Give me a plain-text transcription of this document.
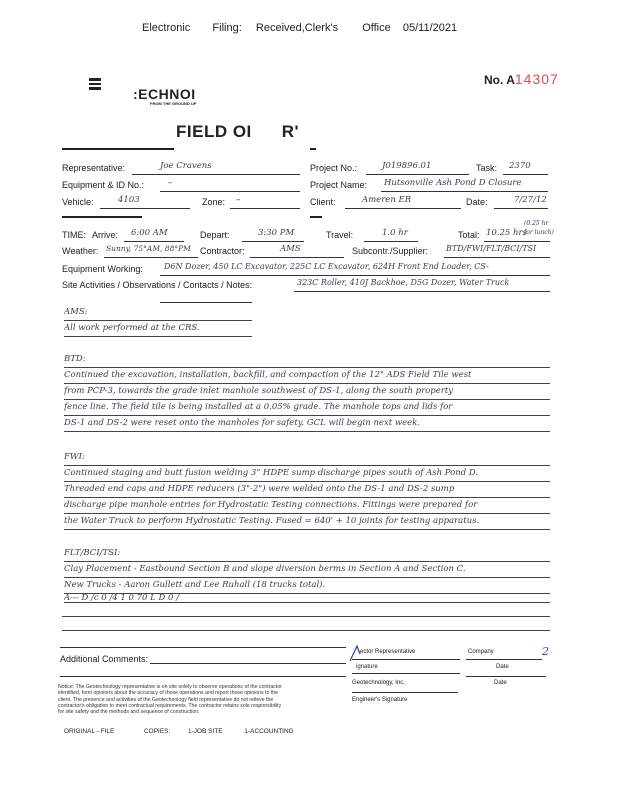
Electronic Filing: Received,Clerk's Office 05/11/2021
:ECHNOI
FROM THE GROUND UP
No. A14307
FIELD OI R'
Representative:	Joe Cravens	Project No.:	J019896.01	Task: 2370
Equipment & ID No.:	–	Project Name: Hutsonville Ash Pond D Closure
Vehicle:	4103	Zone: –	Client:	Ameren ER	Date:	7/27/12
TIME: Arrive: 6:00 AM	Depart:	3:30 PM	Travel:	1.0 hr	Total: 10.25 hrs
(0.25 hr
for lunch)
Weather: Sunny, 75°AM, 88°PM Contractor:	AMS	Subcontr./Supplier: BTD/FWI/FLT/BCI/TSI
Equipment Working:	D6N Dozer, 450 LC Excavator, 225C LC Excavator, 624H Front End Loader, CS-
Site Activities / Observations / Contacts / Notes:	323C Roller, 410J Backhoe, D5G Dozer, Water Truck
AMS:
All work performed at the CRS.
BTD:
Continued the excavation, installation, backfill, and compaction of the 12" ADS Field Tile west
from PCP-3, towards the grade inlet manhole southwest of DS-1, along the south property
fence line. The field tile is being installed at a 0.05% grade. The manhole tops and lids for
DS-1 and DS-2 were reset onto the manholes for safety. GCL will begin next week.
FWI:
Continued staging and butt fusion welding 3" HDPE sump discharge pipes south of Ash Pond D.
Threaded end caps and HDPE reducers (3"-2") were welded onto the DS-1 and DS-2 sump
discharge pipe manhole entries for Hydrostatic Testing connections. Fittings were prepared for
the Water Truck to perform Hydrostatic Testing. Fused = 640' + 10 joints for testing apparatus.
FLT/BCI/TSI:
Clay Placement - Eastbound Section B and slope diversion berms in Section A and Section C.
New Trucks - Aaron Gullett and Lee Ruhall (18 trucks total).
A--- D /c 0 /4 1 0 70 L D 0 /
Additional Comments:
ector Representative	Company	2
ignature	Date
Geotechnology, Inc.	Date
Engineer's Signature
Notice: The Geotechnology representative is on site solely to observe operations of the contractor
identified, form opinions about the accuracy of those operations and report those opinions to the
client. The presence and activities of the Geotechnology field representative do not relieve the
contractor's obligation to meet contractual requirements. The contractor retains sole responsibility
for site safety and the methods and sequence of construction.
ORIGINAL - FILE	COPIES:	1-JOB SITE	1-ACCOUNTING
